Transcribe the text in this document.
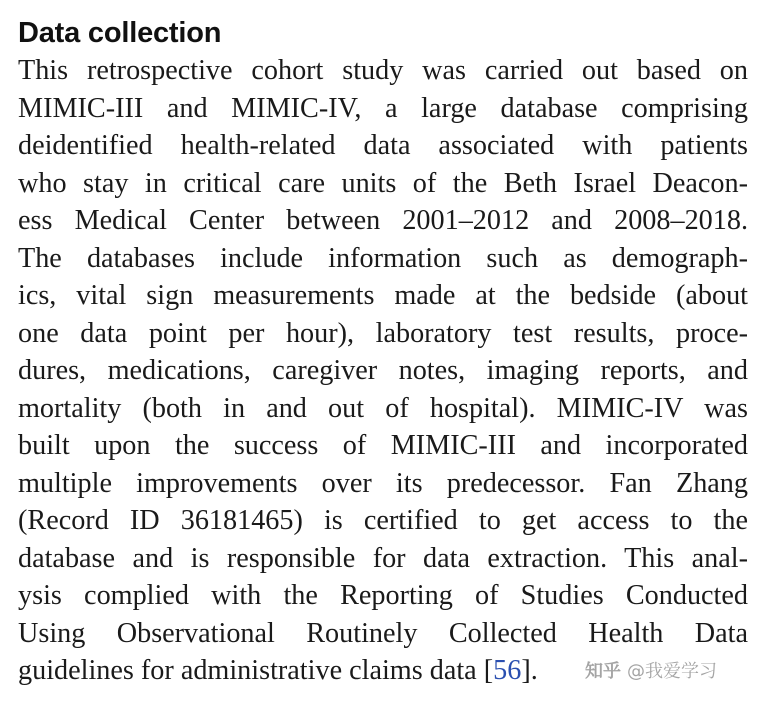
Data collection
This retrospective cohort study was carried out based on
MIMIC-III and MIMIC-IV, a large database comprising
deidentified health-related data associated with patients
who stay in critical care units of the Beth Israel Deacon-
ess Medical Center between 2001–2012 and 2008–2018.
The databases include information such as demograph-
ics, vital sign measurements made at the bedside (about
one data point per hour), laboratory test results, proce-
dures, medications, caregiver notes, imaging reports, and
mortality (both in and out of hospital). MIMIC-IV was
built upon the success of MIMIC-III and incorporated
multiple improvements over its predecessor. Fan Zhang
(Record ID 36181465) is certified to get access to the
database and is responsible for data extraction. This anal-
ysis complied with the Reporting of Studies Conducted
Using Observational Routinely Collected Health Data
guidelines for administrative claims data [56].	知乎 @我爱学习
